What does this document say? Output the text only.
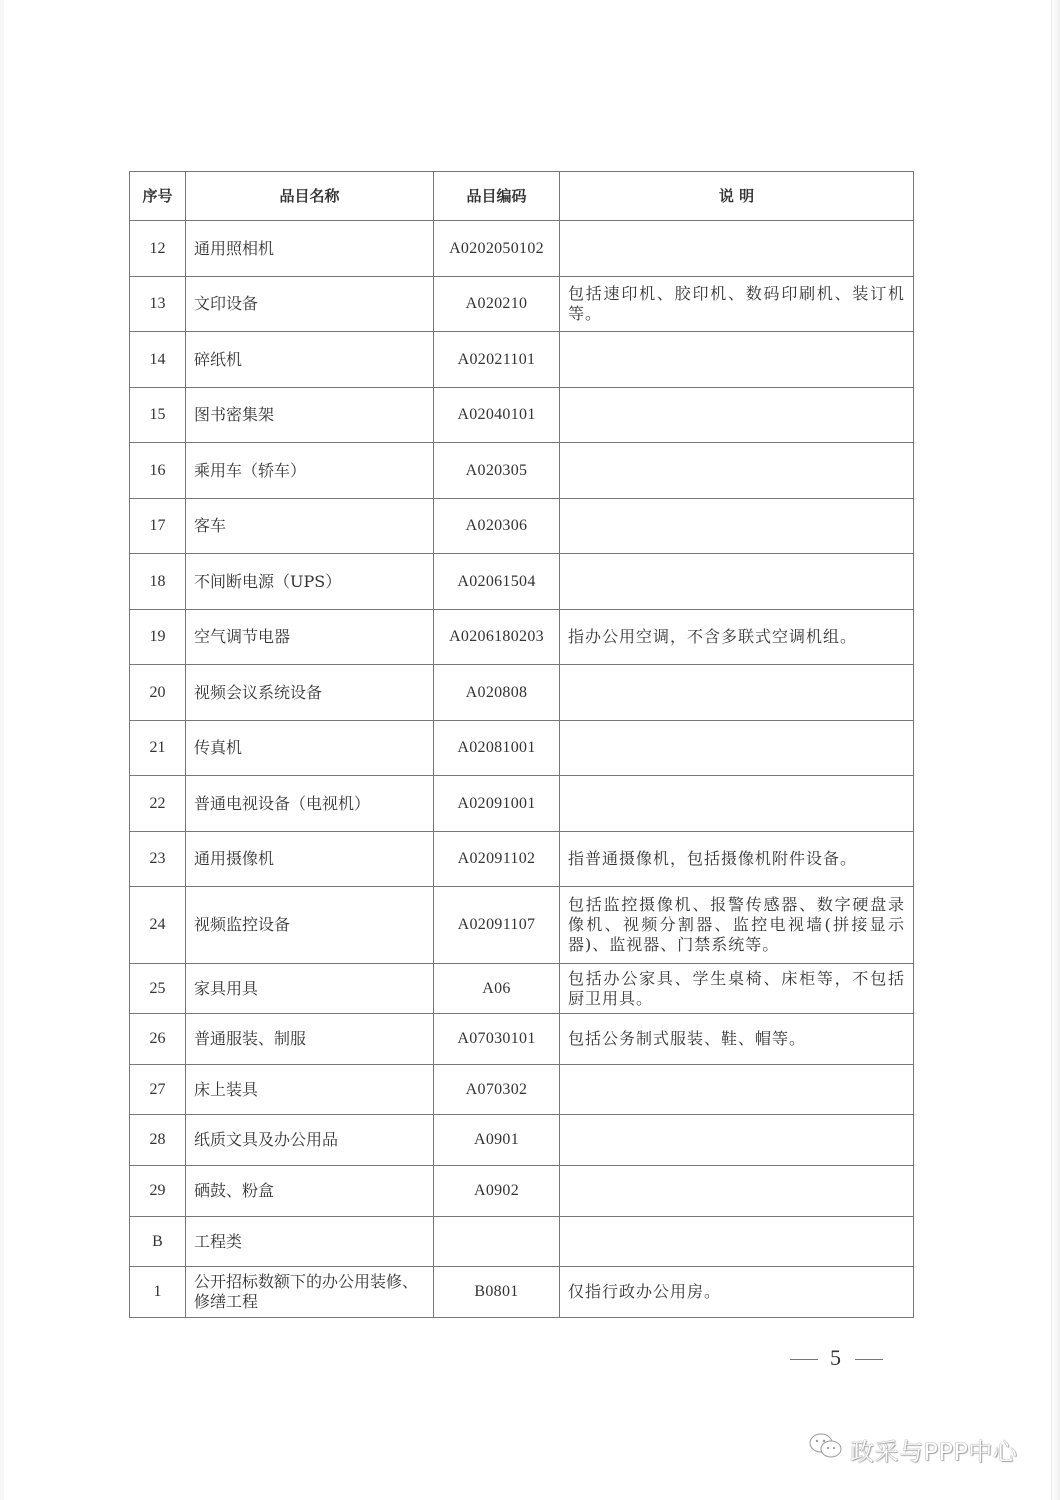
序号	品目名称	品目编码	说 明
12	通用照相机	A0202050102	
13	文印设备	A020210	包括速印机、胶印机、数码印刷机、装订机等。
14	碎纸机	A02021101	
15	图书密集架	A02040101	
16	乘用车（轿车）	A020305	
17	客车	A020306	
18	不间断电源（UPS）	A02061504	
19	空气调节电器	A0206180203	指办公用空调，不含多联式空调机组。
20	视频会议系统设备	A020808	
21	传真机	A02081001	
22	普通电视设备（电视机）	A02091001	
23	通用摄像机	A02091102	指普通摄像机，包括摄像机附件设备。
24	视频监控设备	A02091107	包括监控摄像机、报警传感器、数字硬盘录像机、视频分割器、监控电视墙(拼接显示器)、监视器、门禁系统等。
25	家具用具	A06	包括办公家具、学生桌椅、床柜等，不包括厨卫用具。
26	普通服装、制服	A07030101	包括公务制式服装、鞋、帽等。
27	床上装具	A070302	
28	纸质文具及办公用品	A0901	
29	硒鼓、粉盒	A0902	
B	工程类		
1	公开招标数额下的办公用装修、修缮工程	B0801	仅指行政办公用房。
5
政采与PPP中心
